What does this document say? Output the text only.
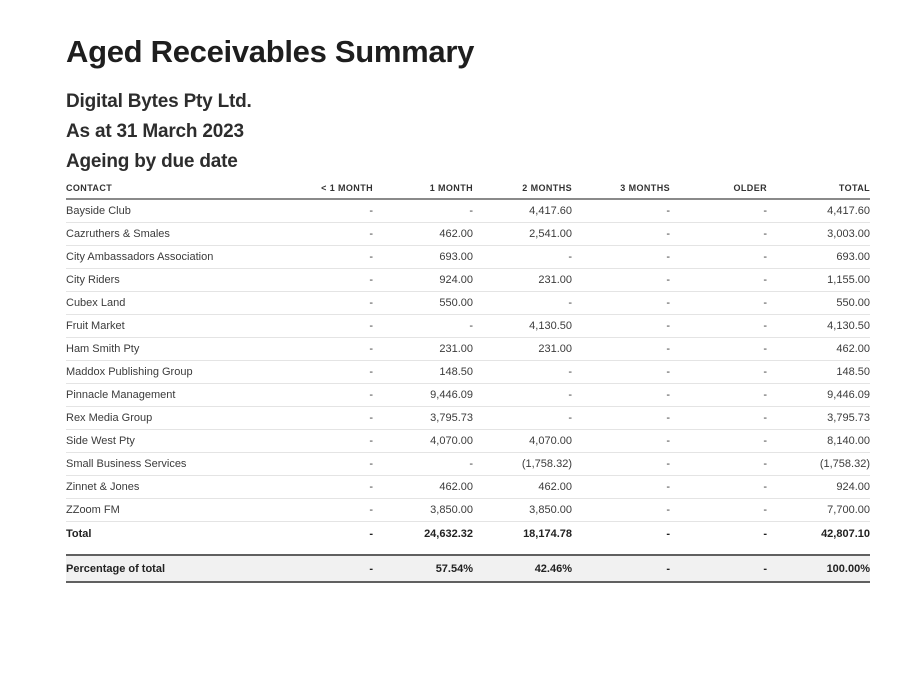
Aged Receivables Summary
Digital Bytes Pty Ltd.
As at 31 March 2023
Ageing by due date
CONTACT	< 1 MONTH	1 MONTH	2 MONTHS	3 MONTHS	OLDER	TOTAL
Bayside Club	-	-	4,417.60	-	-	4,417.60
Cazruthers & Smales	-	462.00	2,541.00	-	-	3,003.00
City Ambassadors Association	-	693.00	-	-	-	693.00
City Riders	-	924.00	231.00	-	-	1,155.00
Cubex Land	-	550.00	-	-	-	550.00
Fruit Market	-	-	4,130.50	-	-	4,130.50
Ham Smith Pty	-	231.00	231.00	-	-	462.00
Maddox Publishing Group	-	148.50	-	-	-	148.50
Pinnacle Management	-	9,446.09	-	-	-	9,446.09
Rex Media Group	-	3,795.73	-	-	-	3,795.73
Side West Pty	-	4,070.00	4,070.00	-	-	8,140.00
Small Business Services	-	-	(1,758.32)	-	-	(1,758.32)
Zinnet & Jones	-	462.00	462.00	-	-	924.00
ZZoom FM	-	3,850.00	3,850.00	-	-	7,700.00
Total	-	24,632.32	18,174.78	-	-	42,807.10

Percentage of total	-	57.54%	42.46%	-	-	100.00%
